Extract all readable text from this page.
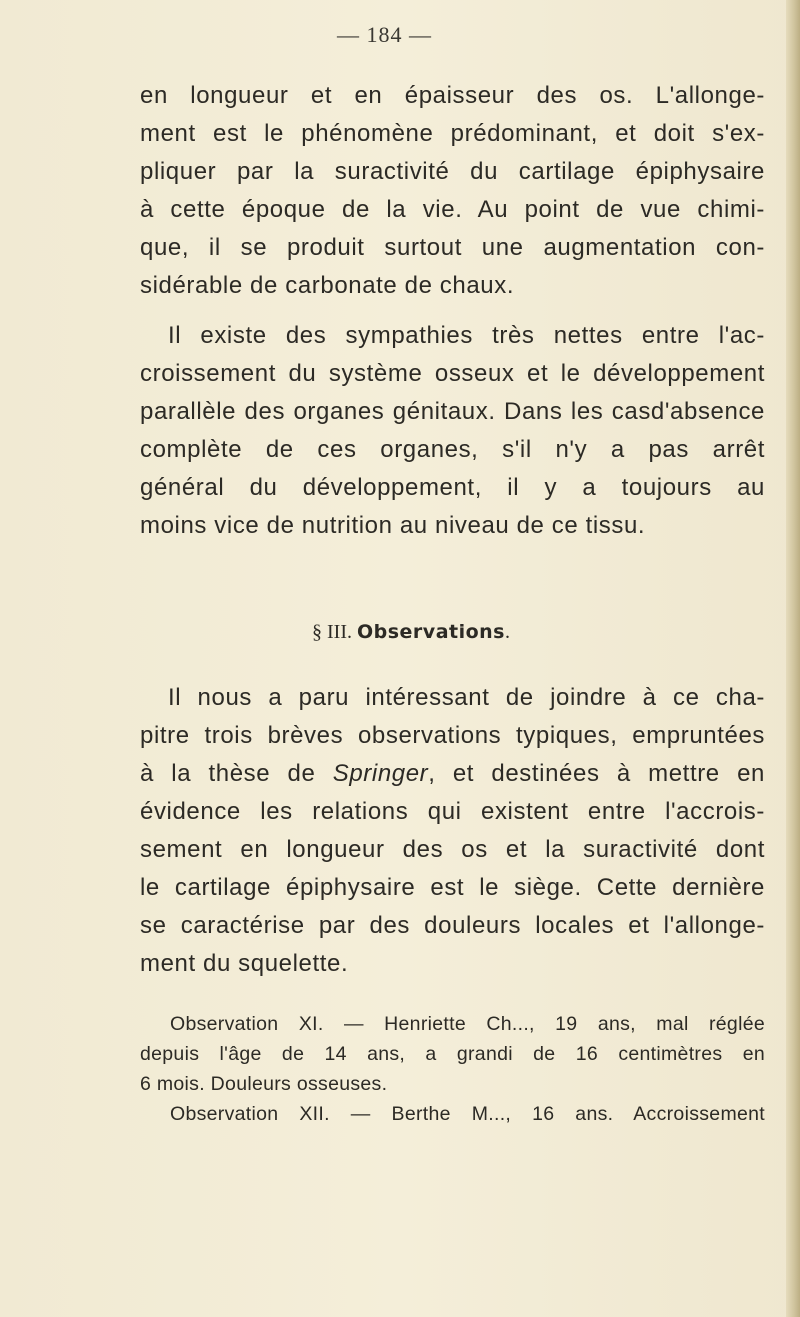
— 184 —
en longueur et en épaisseur des os. L'allonge-
ment est le phénomène prédominant, et doit s'ex-
pliquer par la suractivité du cartilage épiphysaire
à cette époque de la vie. Au point de vue chimi-
que, il se produit surtout une augmentation con-
sidérable de carbonate de chaux.
Il existe des sympathies très nettes entre l'ac-
croissement du système osseux et le développement
parallèle des organes génitaux. Dans les casd'absence
complète de ces organes, s'il n'y a pas arrêt
général du développement, il y a toujours au
moins vice de nutrition au niveau de ce tissu.
Il nous a paru intéressant de joindre à ce cha-
pitre trois brèves observations typiques, empruntées
à la thèse de Springer, et destinées à mettre en
évidence les relations qui existent entre l'accrois-
sement en longueur des os et la suractivité dont
le cartilage épiphysaire est le siège. Cette dernière
se caractérise par des douleurs locales et l'allonge-
ment du squelette.
Observation XI. — Henriette Ch..., 19 ans, mal réglée
depuis l'âge de 14 ans, a grandi de 16 centimètres en
6 mois. Douleurs osseuses.
Observation XII. — Berthe M..., 16 ans. Accroissement
§ III. Observations.
